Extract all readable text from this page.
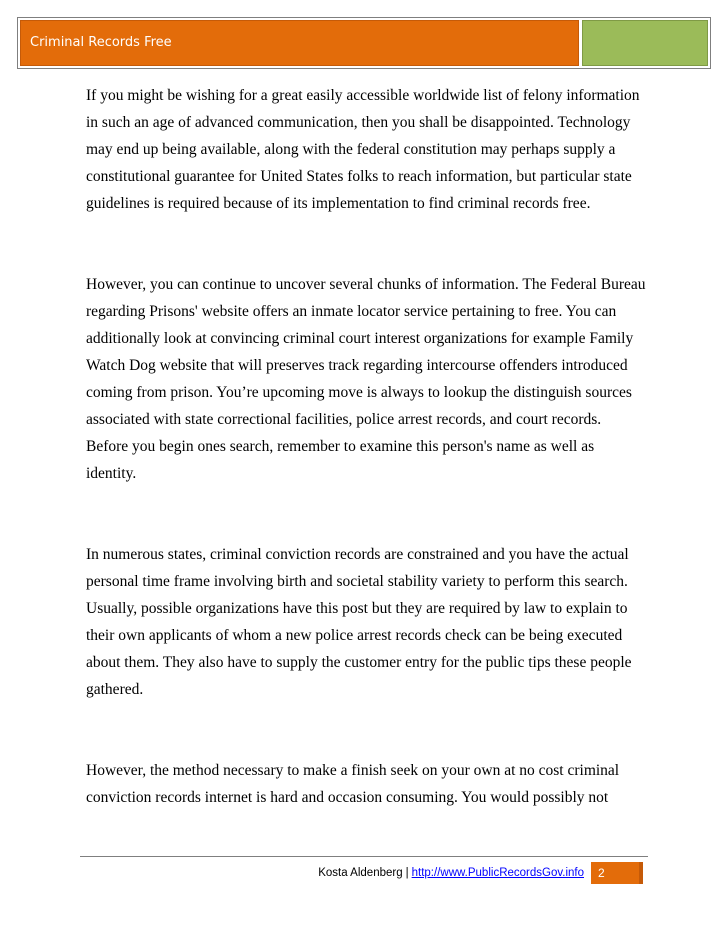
Criminal Records Free

If you might be wishing for a great easily accessible worldwide list of felony information in such an age of advanced communication, then you shall be disappointed. Technology may end up being available, along with the federal constitution may perhaps supply a constitutional guarantee for United States folks to reach information, but particular state guidelines is required because of its implementation to find criminal records free.

However, you can continue to uncover several chunks of information. The Federal Bureau regarding Prisons' website offers an inmate locator service pertaining to free. You can additionally look at convincing criminal court interest organizations for example Family Watch Dog website that will preserves track regarding intercourse offenders introduced coming from prison. You’re upcoming move is always to lookup the distinguish sources associated with state correctional facilities, police arrest records, and court records. Before you begin ones search, remember to examine this person's name as well as identity.

In numerous states, criminal conviction records are constrained and you have the actual personal time frame involving birth and societal stability variety to perform this search. Usually, possible organizations have this post but they are required by law to explain to their own applicants of whom a new police arrest records check can be being executed about them. They also have to supply the customer entry for the public tips these people gathered.

However, the method necessary to make a finish seek on your own at no cost criminal conviction records internet is hard and occasion consuming. You would possibly not

Kosta Aldenberg | http://www.PublicRecordsGov.info	2
